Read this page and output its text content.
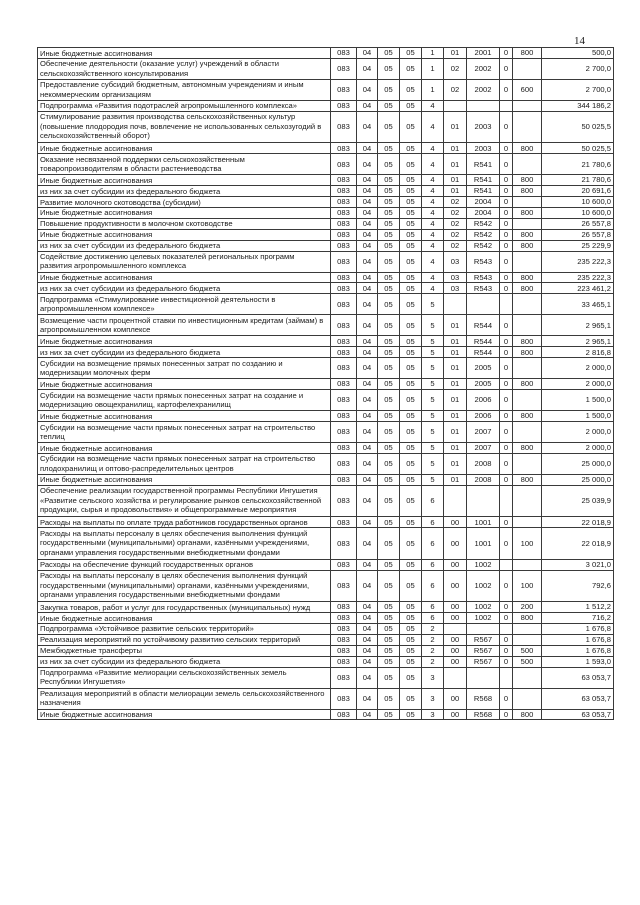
14
Иные бюджетные ассигнования	083	04	05	05	1	01	2001	0	800	500,0
Обеспечение деятельности (оказание услуг) учреждений в области сельскохозяйственного консультирования	083	04	05	05	1	02	2002	0		2 700,0
Предоставление субсидий бюджетным, автономным учреждениям и иным некоммерческим организациям	083	04	05	05	1	02	2002	0	600	2 700,0
Подпрограмма «Развития подотраслей агропромышленного комплекса»	083	04	05	05	4					344 186,2
Стимулирование развития производства сельскохозяйственных культур (повышение плодородия почв, вовлечение не использованных сельхозугодий в сельскохозяйственный оборот)	083	04	05	05	4	01	2003	0		50 025,5
Иные бюджетные ассигнования	083	04	05	05	4	01	2003	0	800	50 025,5
Оказание несвязанной поддержки сельскохозяйственным товаропроизводителям в области растениеводства	083	04	05	05	4	01	R541	0		21 780,6
Иные бюджетные ассигнования	083	04	05	05	4	01	R541	0	800	21 780,6
из них за счет субсидии из федерального бюджета	083	04	05	05	4	01	R541	0	800	20 691,6
Развитие молочного скотоводства (субсидии)	083	04	05	05	4	02	2004	0		10 600,0
Иные бюджетные ассигнования	083	04	05	05	4	02	2004	0	800	10 600,0
Повышение продуктивности в молочном скотоводстве	083	04	05	05	4	02	R542	0		26 557,8
Иные бюджетные ассигнования	083	04	05	05	4	02	R542	0	800	26 557,8
из них за счет субсидии из федерального бюджета	083	04	05	05	4	02	R542	0	800	25 229,9
Содействие достижению целевых показателей региональных программ развития агропромышленного комплекса	083	04	05	05	4	03	R543	0		235 222,3
Иные бюджетные ассигнования	083	04	05	05	4	03	R543	0	800	235 222,3
из них за счет субсидии из федерального бюджета	083	04	05	05	4	03	R543	0	800	223 461,2
Подпрограмма «Стимулирование инвестиционной деятельности в агропромышленном комплексе»	083	04	05	05	5					33 465,1
Возмещение части процентной ставки по инвестиционным кредитам (займам) в агропромышленном комплексе	083	04	05	05	5	01	R544	0		2 965,1
Иные бюджетные ассигнования	083	04	05	05	5	01	R544	0	800	2 965,1
из них за счет субсидии из федерального бюджета	083	04	05	05	5	01	R544	0	800	2 816,8
Субсидии на возмещение прямых понесенных затрат по созданию и модернизации молочных ферм	083	04	05	05	5	01	2005	0		2 000,0
Иные бюджетные ассигнования	083	04	05	05	5	01	2005	0	800	2 000,0
Субсидии на возмещение части прямых понесенных затрат на создание и модернизацию овощехранилищ, картофелехранилищ	083	04	05	05	5	01	2006	0		1 500,0
Иные бюджетные ассигнования	083	04	05	05	5	01	2006	0	800	1 500,0
Субсидии на возмещение части прямых понесенных затрат на строительство теплиц	083	04	05	05	5	01	2007	0		2 000,0
Иные бюджетные ассигнования	083	04	05	05	5	01	2007	0	800	2 000,0
Субсидии на возмещение части прямых понесенных затрат на строительство плодохранилищ и оптово-распределительных центров	083	04	05	05	5	01	2008	0		25 000,0
Иные бюджетные ассигнования	083	04	05	05	5	01	2008	0	800	25 000,0
Обеспечение реализации государственной программы Республики Ингушетия «Развитие сельского хозяйства и регулирование рынков сельскохозяйственной продукции, сырья и продовольствия» и общепрограммные мероприятия	083	04	05	05	6					25 039,9
Расходы на выплаты по оплате труда работников государственных органов	083	04	05	05	6	00	1001	0		22 018,9
Расходы на выплаты персоналу в целях обеспечения выполнения функций государственными (муниципальными) органами, казёнными учреждениями, органами управления государственными внебюджетными фондами	083	04	05	05	6	00	1001	0	100	22 018,9
Расходы на обеспечение функций государственных органов	083	04	05	05	6	00	1002			3 021,0
Расходы на выплаты персоналу в целях обеспечения выполнения функций государственными (муниципальными) органами, казёнными учреждениями, органами управления государственными внебюджетными фондами	083	04	05	05	6	00	1002	0	100	792,6
Закупка товаров, работ и услуг для государственных (муниципальных) нужд	083	04	05	05	6	00	1002	0	200	1 512,2
Иные бюджетные ассигнования	083	04	05	05	6	00	1002	0	800	716,2
Подпрограмма «Устойчивое развитие сельских территорий»	083	04	05	05	2					1 676,8
Реализация мероприятий по устойчивому развитию сельских территорий	083	04	05	05	2	00	R567	0		1 676,8
Межбюджетные трансферты	083	04	05	05	2	00	R567	0	500	1 676,8
из них за счет субсидии из федерального бюджета	083	04	05	05	2	00	R567	0	500	1 593,0
Подпрограмма «Развитие мелиорации сельскохозяйственных земель Республики Ингушетия»	083	04	05	05	3					63 053,7
Реализация мероприятий в области мелиорации земель сельскохозяйственного назначения	083	04	05	05	3	00	R568	0		63 053,7
Иные бюджетные ассигнования	083	04	05	05	3	00	R568	0	800	63 053,7
